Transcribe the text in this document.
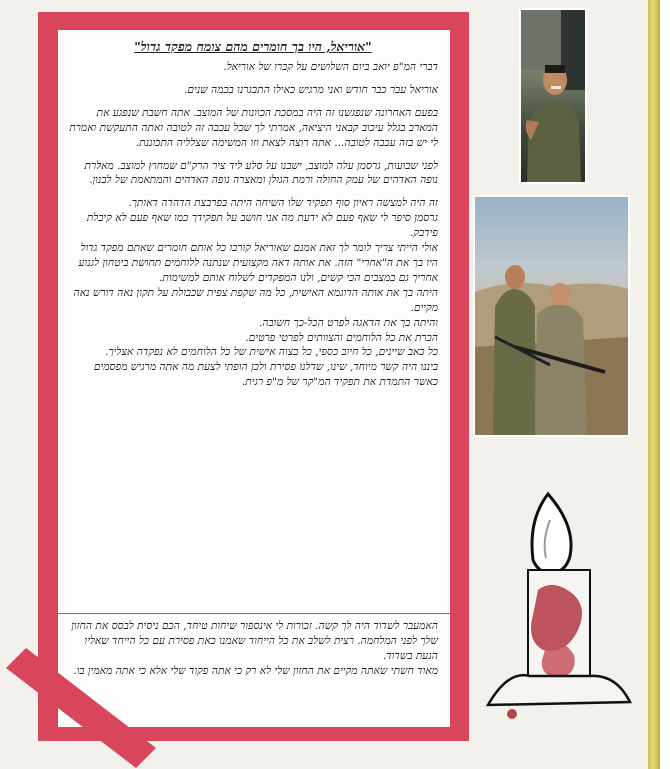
"אוריאל, היו בך חומרים מהם צומח מפקד גדול"

דברי המ"פ יואב ביום השלושים על קברו של אוריאל.

אוריאל עבר כבר חודש ואני מרגיש כאילו התבגרנו בכמה שנים.

בפעם האחרונה שנפגשנו זה היה במסכת הכוונות של המוצב. אתה חשבת שנפגע את המארב בגלל עיכוב קבאני היציאה, אמרתי לך שכל עכבה זה לטובה ואתה התעקשת ואמרת לי יש בזה עכבה לטובה... אתה רוצה לצאת וזו המשימה שצלליה התכוננת.

לפני שבועות, גרסמן עלה למוצב, ישבנו על סלע ליד ציר הרק"ם שמחוץ למוצב. מאלרת נופה האדהים של עמק החולה ורמת הגולן ומאצרה נופה האדהים והמתאמת של לבנון.

זה היה למצשה ראיון סוף תפקיד שלו השיחה היתה בפרבצת הדהדה דאותך.

גרסמן סיפר לי שאף פעם לא ידעת מה אני חושב על תפקידך כמו שאף פעם לא קיבלת פידבק.

אולי הייתי צריך לומר לך זאת אמנם שאוריאל קורבו כל אותם חומרים שאתם מפקד גדול היו בך את ה"אחרי" הזה. את אותה דאה מקצועית שנתנה ללוחמים תחושת ביטחון לגנוע אחריך גם במצבים הכי קשים, ולנו המפקדים לשלוח אותם למשימות.

היתה בך את אותה הדוגמא האישית, כל מה שקפת צפית שכבולת על תקון נאה דורש נאה מקיים.

והיתה בך את הדאגה לפרט הכל-כך חשובה.

הכרת את כל הלוחמים והצוותים לפרטי פרטים.

כל כאב שיינים, כל חיוב כספי, כל בצוה אישית של כל הלוחמים לא נפקדה אצליך.

ביננו היה קשר מיוחד, שינו, שדלנו פסירת ולכן הופתי לצעת מה אתה מרגיש מפסמים כאשר התמדת את תפקיד המ"קר של מ"פ רגית.

האמעבר לשדוד היה לך קשה. זכורות לי אינספור שיחות טיחד, הכם ניסית לבסס את החזון שלך לפני המלחמה. רצית לשלב את כל הייחוד שאמנו כאת פסירת עם כל הייחד שאליו הגעת בשדוד.

מאוד חשתי שאתה מקיים את החזון שלי לא רק כי אתה פקוד שלי אלא כי אתה מאמין בו.
